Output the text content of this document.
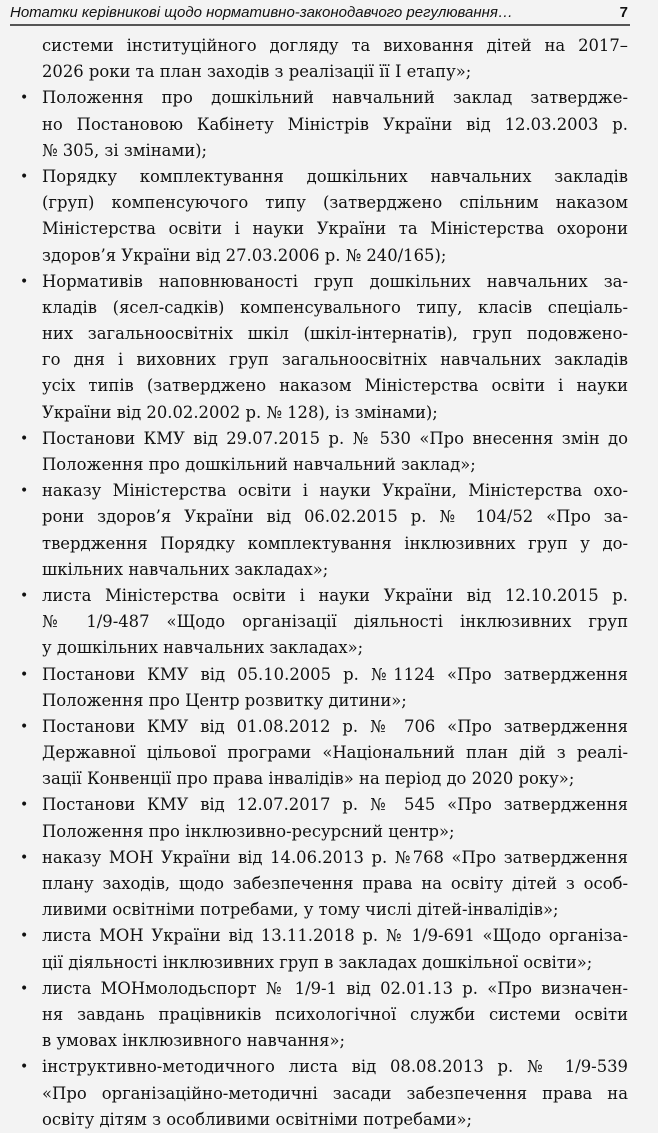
Нотатки керівникові щодо нормативно-законодавчого регулювання…	7
системи інституційного догляду та виховання дітей на 2017–
2026 роки та план заходів з реалізації її І етапу»;
• Положення про дошкільний навчальний заклад затверджe-
но Постановою Кабінету Міністрів України від 12.03.2003 р.
№ 305, зі змінами);
• Порядку комплектування дошкільних навчальних закладів
(груп) компенсуючого типу (затверджено спільним наказом
Міністерства освіти і науки України та Міністерства охорони
здоров’я України від 27.03.2006 р. № 240/165);
• Нормативів наповнюваності груп дошкільних навчальних за-
кладів (ясел-садків) компенсувального типу, класів спеціаль-
них загальноосвітніх шкіл (шкіл-інтернатів), груп подовжено-
го дня і виховних груп загальноосвітніх навчальних закладів
усіх типів (затверджено наказом Міністерства освіти і науки
України від 20.02.2002 р. № 128), із змінами);
• Постанови КМУ від 29.07.2015 р. № 530 «Про внесення змін до
Положення про дошкільний навчальний заклад»;
• наказу Міністерства освіти і науки України, Міністерства охо-
рони здоров’я України від 06.02.2015 р. № 104/52 «Про за-
твердження Порядку комплектування інклюзивних груп у до-
шкільних навчальних закладах»;
• листа Міністерства освіти і науки України від 12.10.2015 р.
№ 1/9-487 «Щодо організації діяльності інклюзивних груп
у дошкільних навчальних закладах»;
• Постанови КМУ від 05.10.2005 р. №1124 «Про затвердження
Положення про Центр розвитку дитини»;
• Постанови КМУ від 01.08.2012 р. № 706 «Про затвердження
Державної цільової програми «Національний план дій з реалі-
зації Конвенції про права інвалідів» на період до 2020 року»;
• Постанови КМУ від 12.07.2017 р. № 545 «Про затвердження
Положення про інклюзивно-ресурсний центр»;
• наказу МОН України від 14.06.2013 р. №768 «Про затвердження
плану заходів, щодо забезпечення права на освіту дітей з особ-
ливими освітніми потребами, у тому числі дітей-інвалідів»;
• листа МОН України від 13.11.2018 р. № 1/9-691 «Щодо організа-
ції діяльності інклюзивних груп в закладах дошкільної освіти»;
• листа МОНмолодьспорт № 1/9-1 від 02.01.13 р. «Про визначен-
ня завдань працівників психологічної служби системи освіти
в умовах інклюзивного навчання»;
• інструктивно-методичного листа від 08.08.2013 р. № 1/9-539
«Про організаційно-методичні засади забезпечення права на
освіту дітям з особливими освітніми потребами»;
